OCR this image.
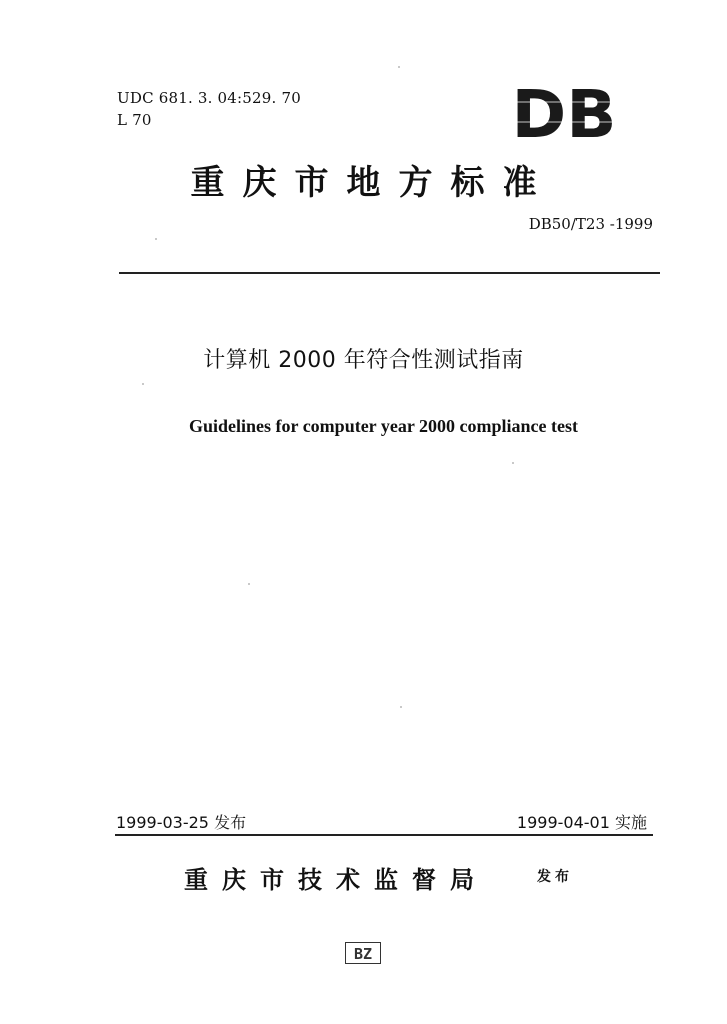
UDC 681. 3. 04:529. 70
L 70	DB
重庆市地方标准
DB50/T23 -1999
计算机 2000 年符合性测试指南
Guidelines for computer year 2000 compliance test
1999-03-25 发布	1999-04-01 实施
重庆市技术监督局	发布
BZ
